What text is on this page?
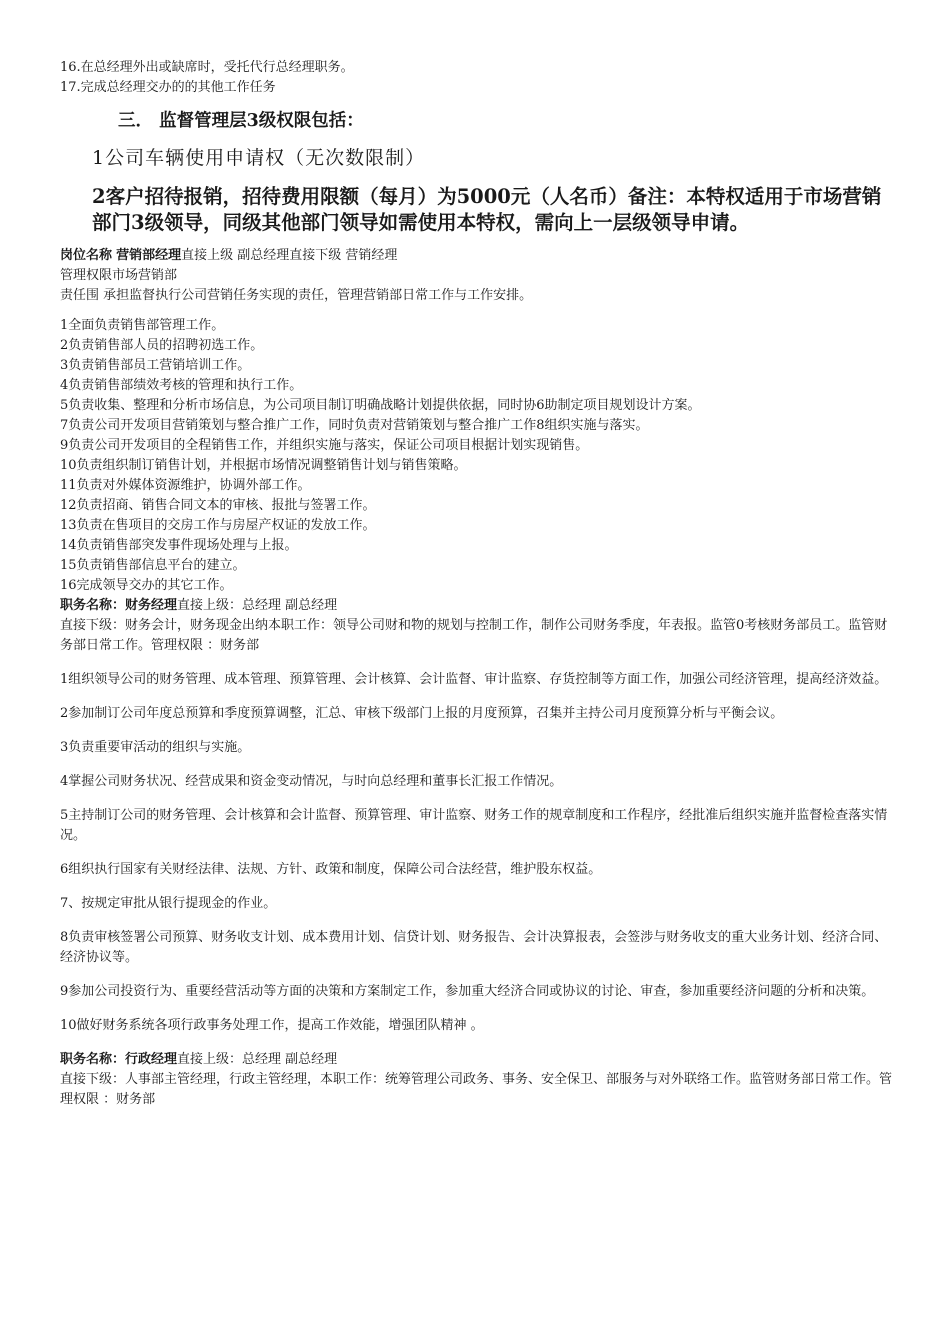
16.在总经理外出或缺席时，受托代行总经理职务。
17.完成总经理交办的的其他工作任务
三． 监督管理层3级权限包括：
1公司车辆使用申请权（无次数限制）
2客户招待报销，招待费用限额（每月）为5000元（人名币）备注：本特权适用于市场营销部门3级领导，同级其他部门领导如需使用本特权，需向上一层级领导申请。
岗位名称 营销部经理直接上级 副总经理直接下级 营销经理
管理权限市场营销部
责任围 承担监督执行公司营销任务实现的责任，管理营销部日常工作与工作安排。
1全面负责销售部管理工作。
2负责销售部人员的招聘初选工作。
3负责销售部员工营销培训工作。
4负责销售部绩效考核的管理和执行工作。
5负责收集、整理和分析市场信息，为公司项目制订明确战略计划提供依据，同时协6助制定项目规划设计方案。
7负责公司开发项目营销策划与整合推广工作，同时负责对营销策划与整合推广工作8组织实施与落实。
9负责公司开发项目的全程销售工作，并组织实施与落实，保证公司项目根据计划实现销售。
10负责组织制订销售计划，并根据市场情况调整销售计划与销售策略。
11负责对外媒体资源维护，协调外部工作。
12负责招商、销售合同文本的审核、报批与签署工作。
13负责在售项目的交房工作与房屋产权证的发放工作。
14负责销售部突发事件现场处理与上报。
15负责销售部信息平台的建立。
16完成领导交办的其它工作。
职务名称：财务经理直接上级：总经理 副总经理
直接下级：财务会计，财务现金出纳本职工作：领导公司财和物的规划与控制工作，制作公司财务季度，年表报。监管0考核财务部员工。监管财务部日常工作。管理权限 ：财务部
1组织领导公司的财务管理、成本管理、预算管理、会计核算、会计监督、审计监察、存货控制等方面工作，加强公司经济管理，提高经济效益。
2参加制订公司年度总预算和季度预算调整，汇总、审核下级部门上报的月度预算，召集并主持公司月度预算分析与平衡会议。
3负责重要审活动的组织与实施。
4掌握公司财务状况、经营成果和资金变动情况，与时向总经理和董事长汇报工作情况。
5主持制订公司的财务管理、会计核算和会计监督、预算管理、审计监察、财务工作的规章制度和工作程序，经批准后组织实施并监督检查落实情况。
6组织执行国家有关财经法律、法规、方针、政策和制度，保障公司合法经营，维护股东权益。
7、按规定审批从银行提现金的作业。
8负责审核签署公司预算、财务收支计划、成本费用计划、信贷计划、财务报告、会计决算报表，会签涉与财务收支的重大业务计划、经济合同、经济协议等。
9参加公司投资行为、重要经营活动等方面的决策和方案制定工作，参加重大经济合同或协议的讨论、审查，参加重要经济问题的分析和决策。
10做好财务系统各项行政事务处理工作，提高工作效能，增强团队精神 。
职务名称：行政经理直接上级：总经理 副总经理
直接下级：人事部主管经理，行政主管经理，本职工作：统筹管理公司政务、事务、安全保卫、部服务与对外联络工作。监管财务部日常工作。管理权限 ：财务部
